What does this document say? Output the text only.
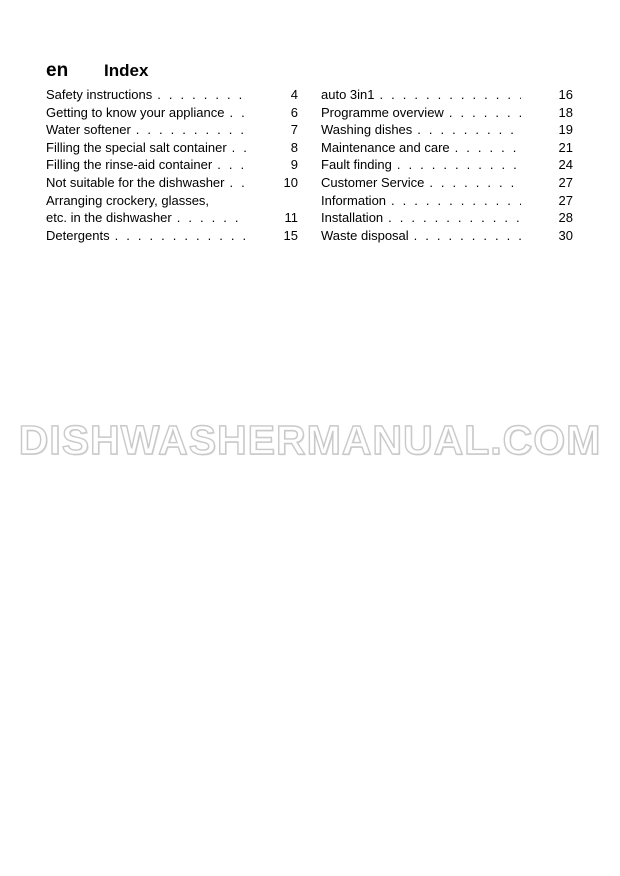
en	Index
Safety instructions . . .	4
Getting to know your appliance . . .	6
Water softener . . .	7
Filling the special salt container . . .	8
Filling the rinse-aid container . . .	9
Not suitable for the dishwasher . . .	10
Arranging crockery, glasses,
etc. in the dishwasher . . .	11
Detergents . . .	15
auto 3in1 . . .	16
Programme overview . . .	18
Washing dishes . . .	19
Maintenance and care . . .	21
Fault finding . . .	24
Customer Service . . .	27
Information . . .	27
Installation . . .	28
Waste disposal . . .	30
DISHWASHERMANUAL.COM
